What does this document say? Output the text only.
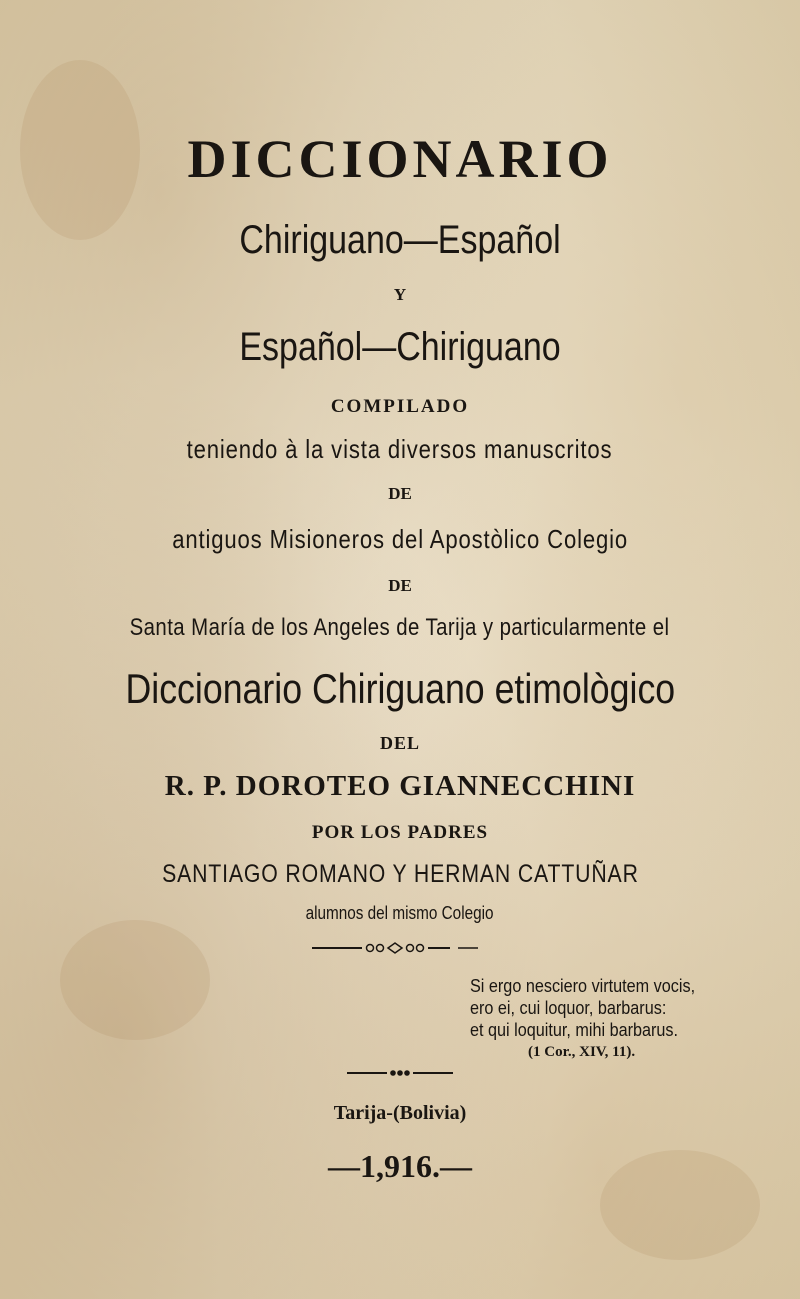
DICCIONARIO
Chiriguano—Español
Y
Español—Chiriguano
COMPILADO
teniendo à la vista diversos manuscritos
DE
antiguos Misioneros del Apostòlico Colegio
DE
Santa María de los Angeles de Tarija y particularmente el
Diccionario Chiriguano etimològico
DEL
R. P. DOROTEO GIANNECCHINI
POR LOS PADRES
SANTIAGO ROMANO Y HERMAN CATTUÑAR
alumnos del mismo Colegio
Si ergo nesciero virtutem vocis,
ero ei, cui loquor, barbarus:
et qui loquitur, mihi barbarus.
(1 Cor., XIV, 11).
Tarija-(Bolivia)
—1,916.—
